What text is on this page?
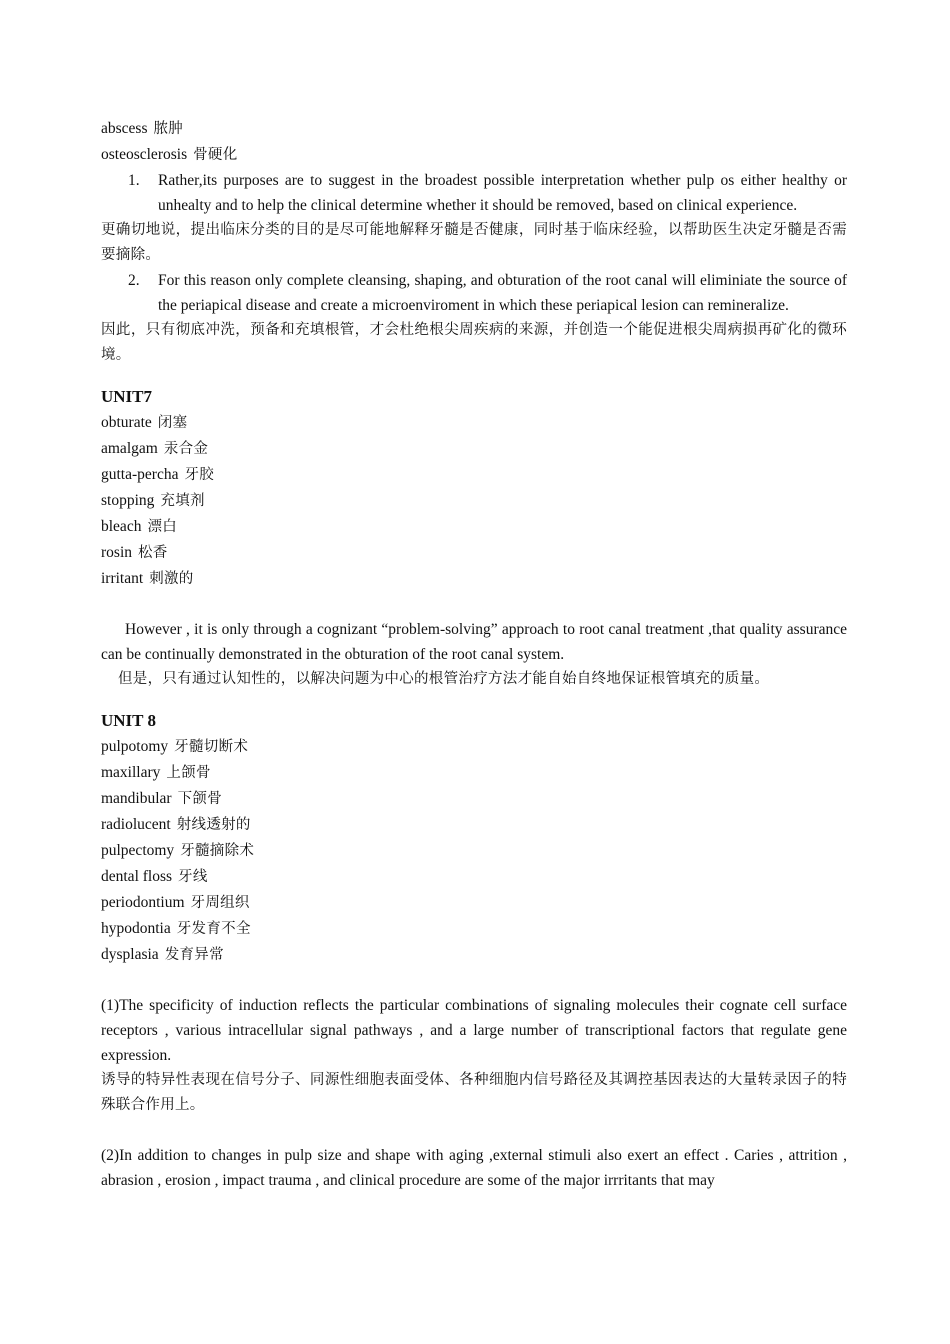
abscess 脓肿
osteosclerosis 骨硬化
1. Rather,its purposes are to suggest in the broadest possible interpretation whether pulp os either healthy or unhealty and to help the clinical determine whether it should be removed, based on clinical experience.
更确切地说，提出临床分类的目的是尽可能地解释牙髓是否健康，同时基于临床经验，以帮助医生决定牙髓是否需要摘除。
2. For this reason only complete cleansing, shaping, and obturation of the root canal will eliminiate the source of the periapical disease and create a microenviroment in which these periapical lesion can remineralize.
因此，只有彻底冲洗，预备和充填根管，才会杜绝根尖周疾病的来源，并创造一个能促进根尖周病损再矿化的微环境。
UNIT7
obturate 闭塞
amalgam 汞合金
gutta-percha 牙胶
stopping 充填剂
bleach 漂白
rosin 松香
irritant 刺激的
However , it is only through a cognizant “problem-solving” approach to root canal treatment ,that quality assurance can be continually demonstrated in the obturation of the root canal system.
但是，只有通过认知性的，以解决问题为中心的根管治疗方法才能自始自终地保证根管填充的质量。
UNIT 8
pulpotomy 牙髓切断术
maxillary 上颌骨
mandibular 下颌骨
radiolucent 射线透射的
pulpectomy 牙髓摘除术
dental floss 牙线
periodontium 牙周组织
hypodontia 牙发育不全
dysplasia 发育异常
(1)The specificity of induction reflects the particular combinations of signaling molecules their cognate cell surface receptors , various intracellular signal pathways , and a large number of transcriptional factors that regulate gene expression.
诱导的特异性表现在信号分子、同源性细胞表面受体、各种细胞内信号路径及其调控基因表达的大量转录因子的特殊联合作用上。
(2)In addition to changes in pulp size and shape with aging ,external stimuli also exert an effect . Caries , attrition , abrasion , erosion , impact trauma , and clinical procedure are some of the major irrritants that may
